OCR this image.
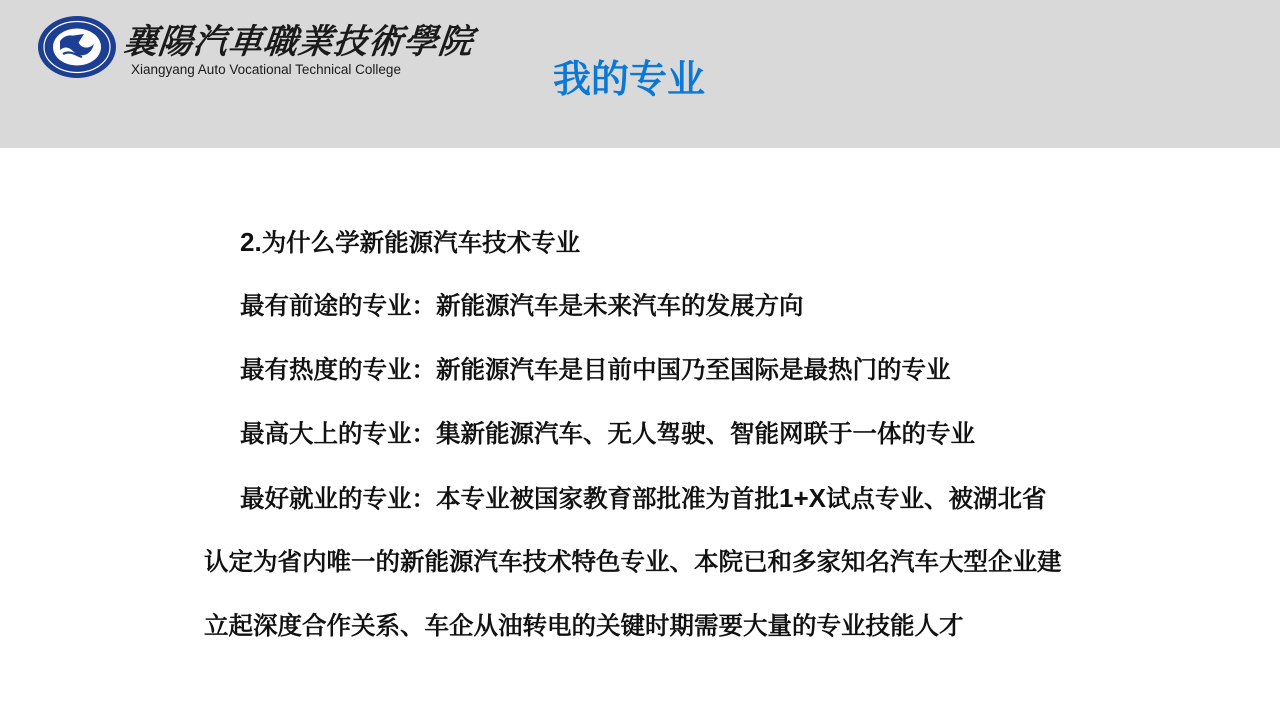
襄陽汽車職業技術學院
Xiangyang Auto Vocational Technical College	我的专业
2.为什么学新能源汽车技术专业
最有前途的专业：新能源汽车是未来汽车的发展方向
最有热度的专业：新能源汽车是目前中国乃至国际是最热门的专业
最高大上的专业：集新能源汽车、无人驾驶、智能网联于一体的专业
最好就业的专业：本专业被国家教育部批准为首批1+X试点专业、被湖北省
认定为省内唯一的新能源汽车技术特色专业、本院已和多家知名汽车大型企业建
立起深度合作关系、车企从油转电的关键时期需要大量的专业技能人才
